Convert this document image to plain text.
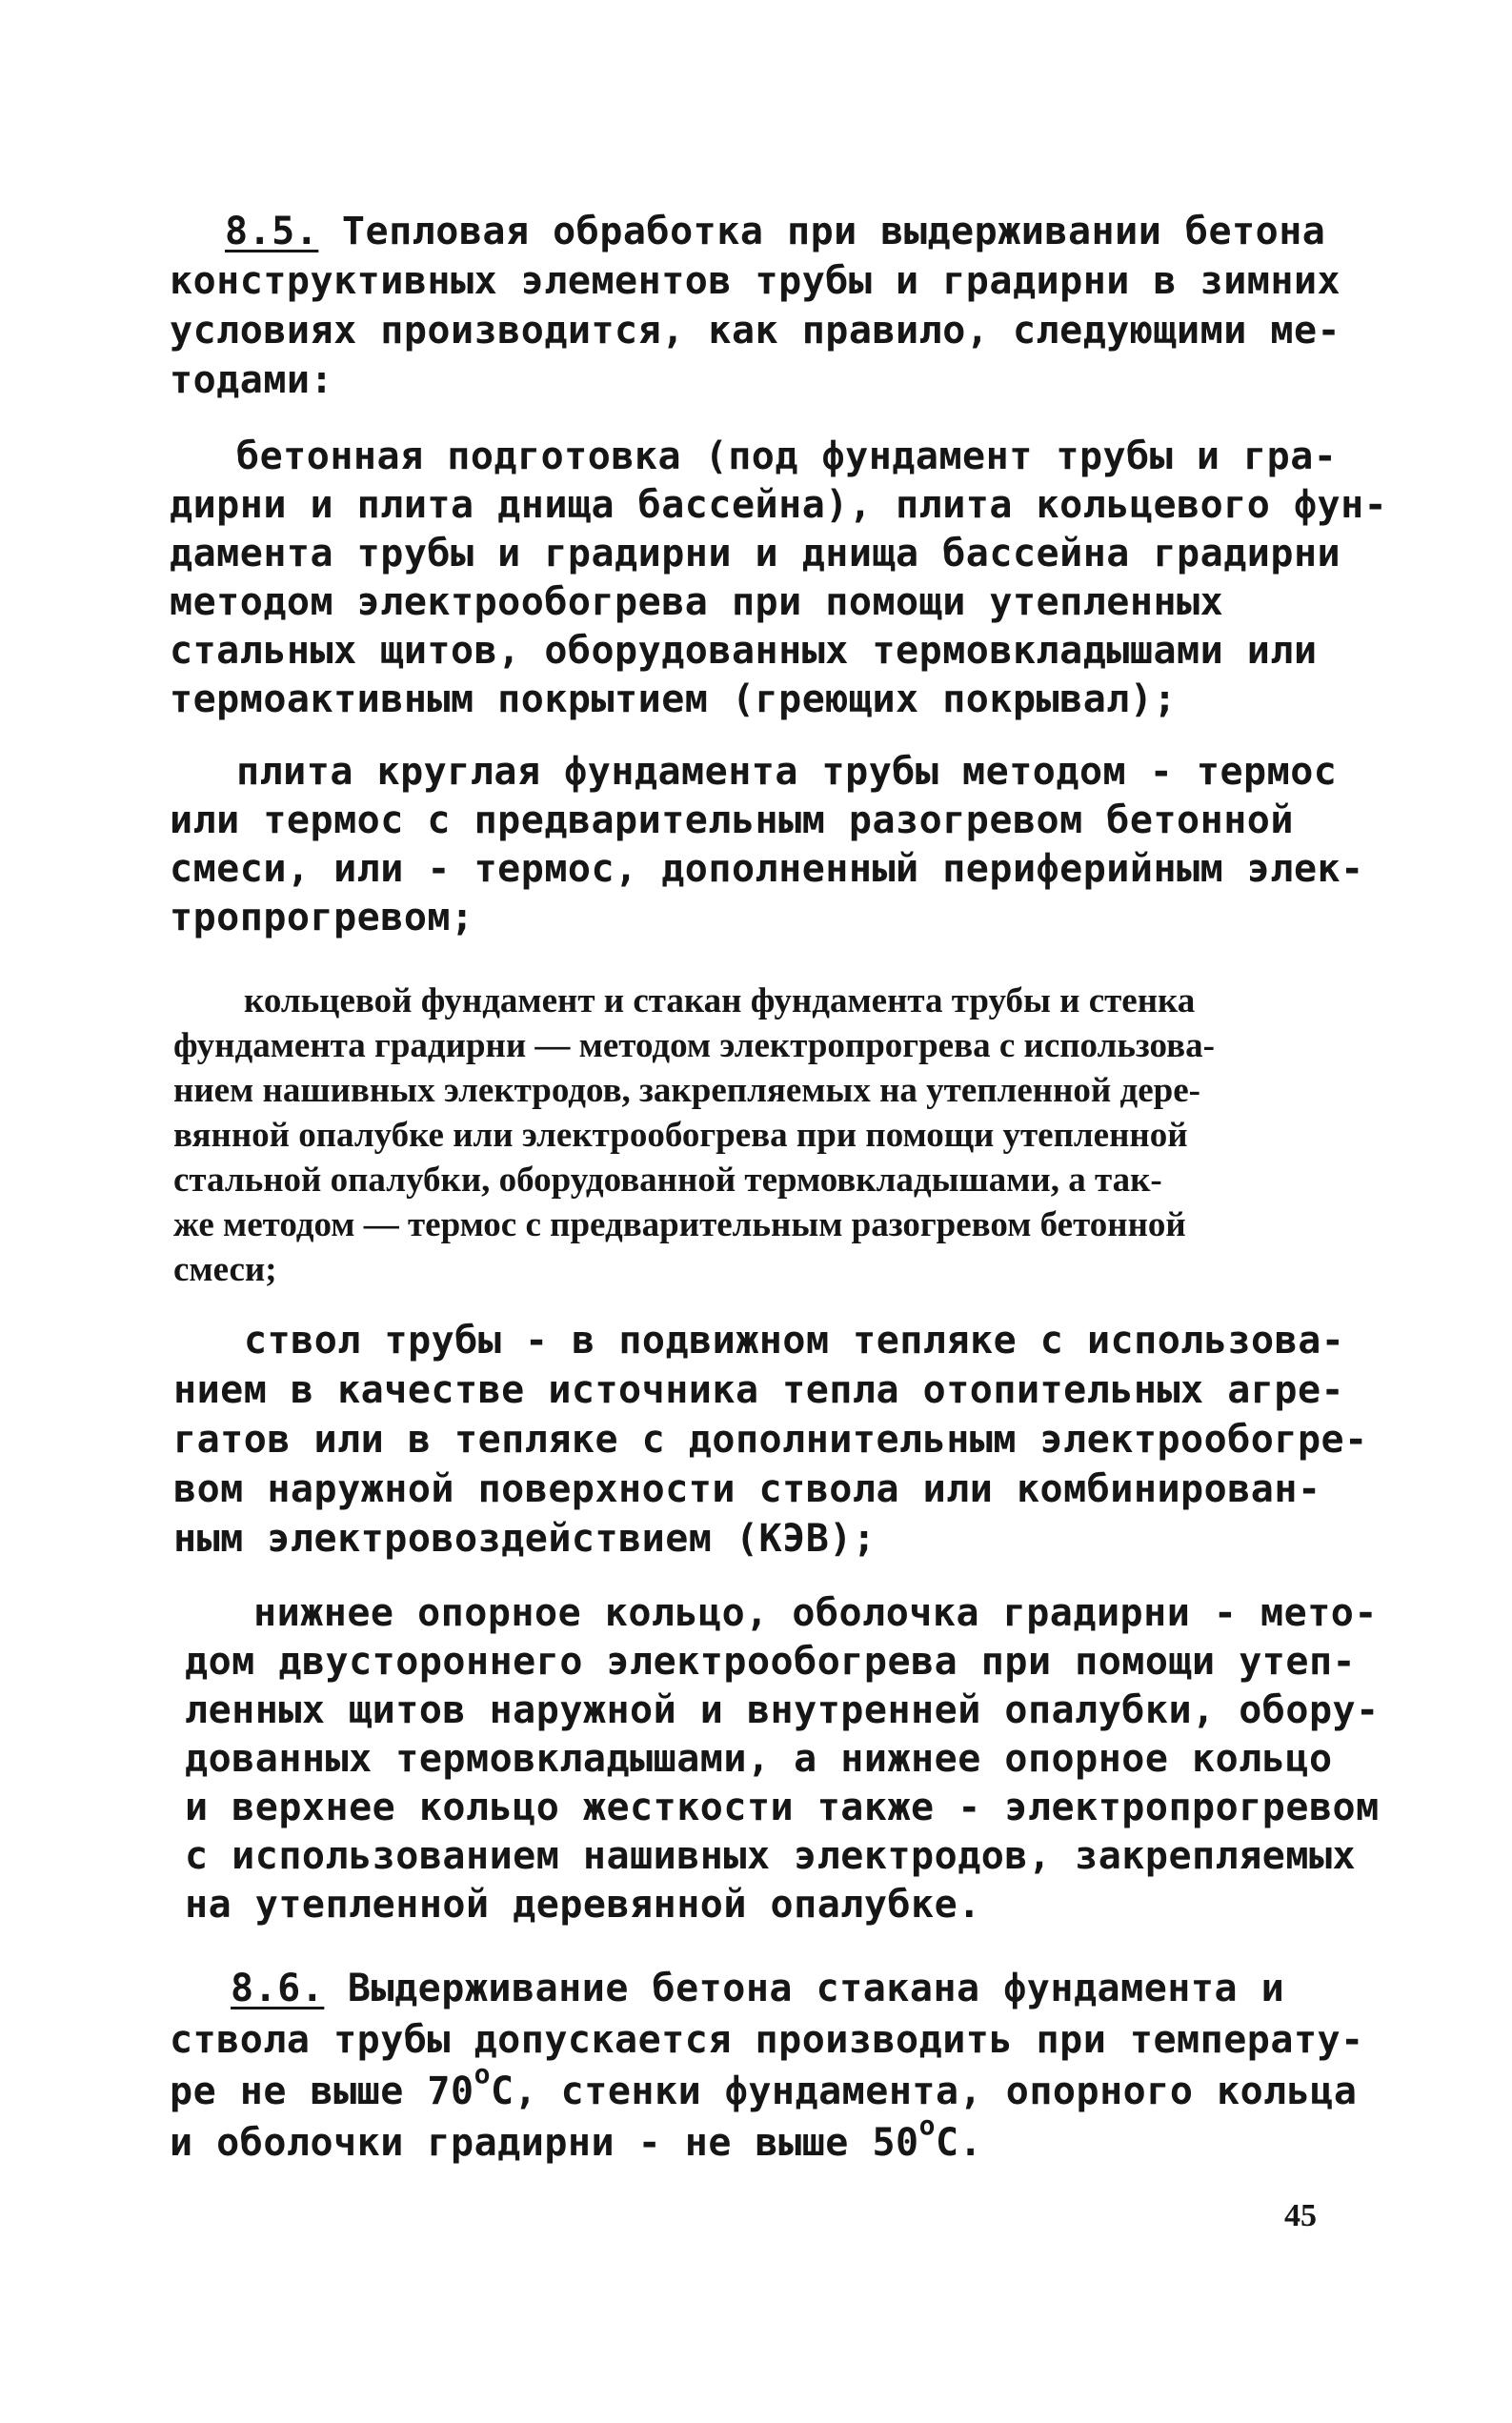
8.5. Тепловая обработка при выдерживании бетона
конструктивных элементов трубы и градирни в зимних
условиях производится, как правило, следующими ме-
тодами:
бетонная подготовка (под фундамент трубы и гра-
дирни и плита днища бассейна), плита кольцевого фун-
дамента трубы и градирни и днища бассейна градирни
методом электрообогрева при помощи утепленных
стальных щитов, оборудованных термовкладышами или
термоактивным покрытием (греющих покрывал);
плита круглая фундамента трубы методом - термос
или термос с предварительным разогревом бетонной
смеси, или - термос, дополненный периферийным элек-
тропрогревом;
кольцевой фундамент и стакан фундамента трубы и стенка
фундамента градирни — методом электропрогрева с использова-
нием нашивных электродов, закрепляемых на утепленной дере-
вянной опалубке или электрообогрева при помощи утепленной
стальной опалубки, оборудованной термовкладышами, а так-
же методом — термос с предварительным разогревом бетонной
смеси;
ствол трубы - в подвижном тепляке с использова-
нием в качестве источника тепла отопительных агре-
гатов или в тепляке с дополнительным электрообогре-
вом наружной поверхности ствола или комбинирован-
ным электровоздействием (КЭВ);
нижнее опорное кольцо, оболочка градирни - мето-
дом двустороннего электрообогрева при помощи утеп-
ленных щитов наружной и внутренней опалубки, обору-
дованных термовкладышами, а нижнее опорное кольцо
и верхнее кольцо жесткости также - электропрогревом
с использованием нашивных электродов, закрепляемых
на утепленной деревянной опалубке.
8.6. Выдерживание бетона стакана фундамента и
ствола трубы допускается производить при температу-
ре не выше $70^оС$, стенки фундамента, опорного кольца
и оболочки градирни - не выше $50^оС$.
45
